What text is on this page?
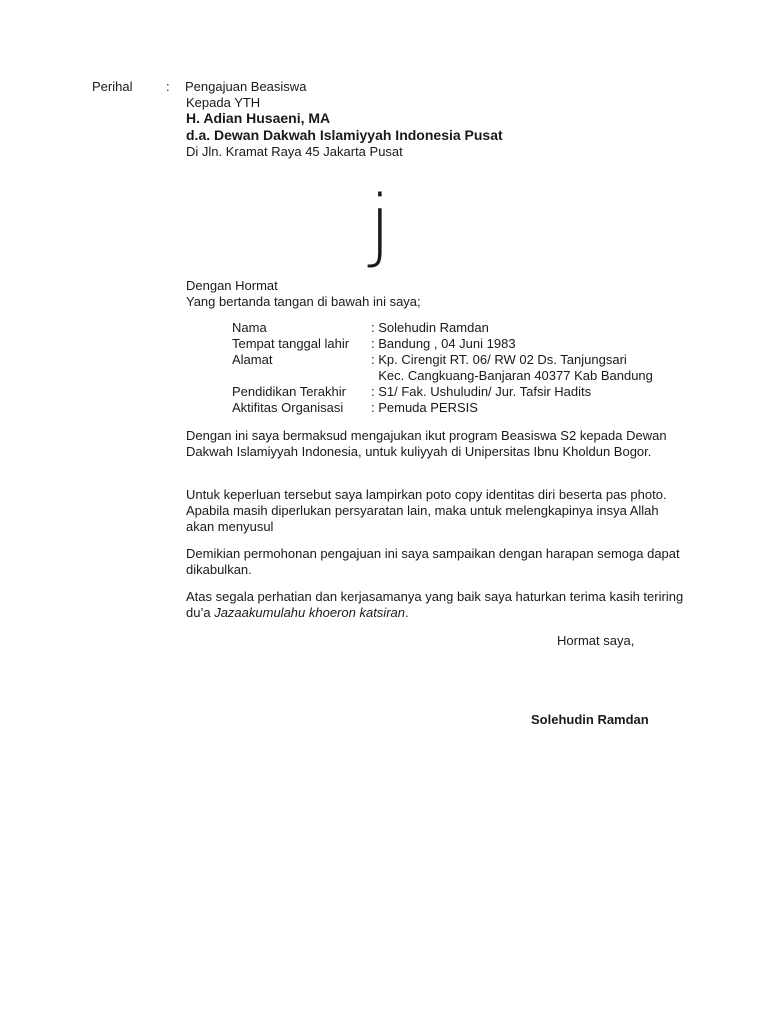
Perihal	: Pengajuan Beasiswa
Kepada YTH
H. Adian Husaeni, MA
d.a. Dewan Dakwah Islamiyyah Indonesia Pusat
Di Jln. Kramat Raya 45 Jakarta Pusat
j
Dengan Hormat
Yang bertanda tangan di bawah ini saya;
Nama	: Solehudin Ramdan
Tempat tanggal lahir	: Bandung , 04 Juni 1983
Alamat	: Kp. Cirengit RT. 06/ RW 02 Ds. Tanjungsari
Kec. Cangkuang-Banjaran 40377 Kab Bandung
Pendidikan Terakhir	: S1/ Fak. Ushuludin/ Jur. Tafsir Hadits
Aktifitas Organisasi	: Pemuda PERSIS

Dengan ini saya bermaksud mengajukan ikut program Beasiswa S2 kepada Dewan Dakwah Islamiyyah Indonesia, untuk kuliyyah di Unipersitas Ibnu Kholdun Bogor.

Untuk keperluan tersebut saya lampirkan poto copy identitas diri beserta pas photo. Apabila masih diperlukan persyaratan lain, maka untuk melengkapinya insya Allah akan menyusul

Demikian permohonan pengajuan ini saya sampaikan dengan harapan semoga dapat dikabulkan.

Atas segala perhatian dan kerjasamanya yang baik saya haturkan terima kasih teriring du’a Jazaakumulahu khoeron katsiran.

Hormat saya,
Solehudin Ramdan
